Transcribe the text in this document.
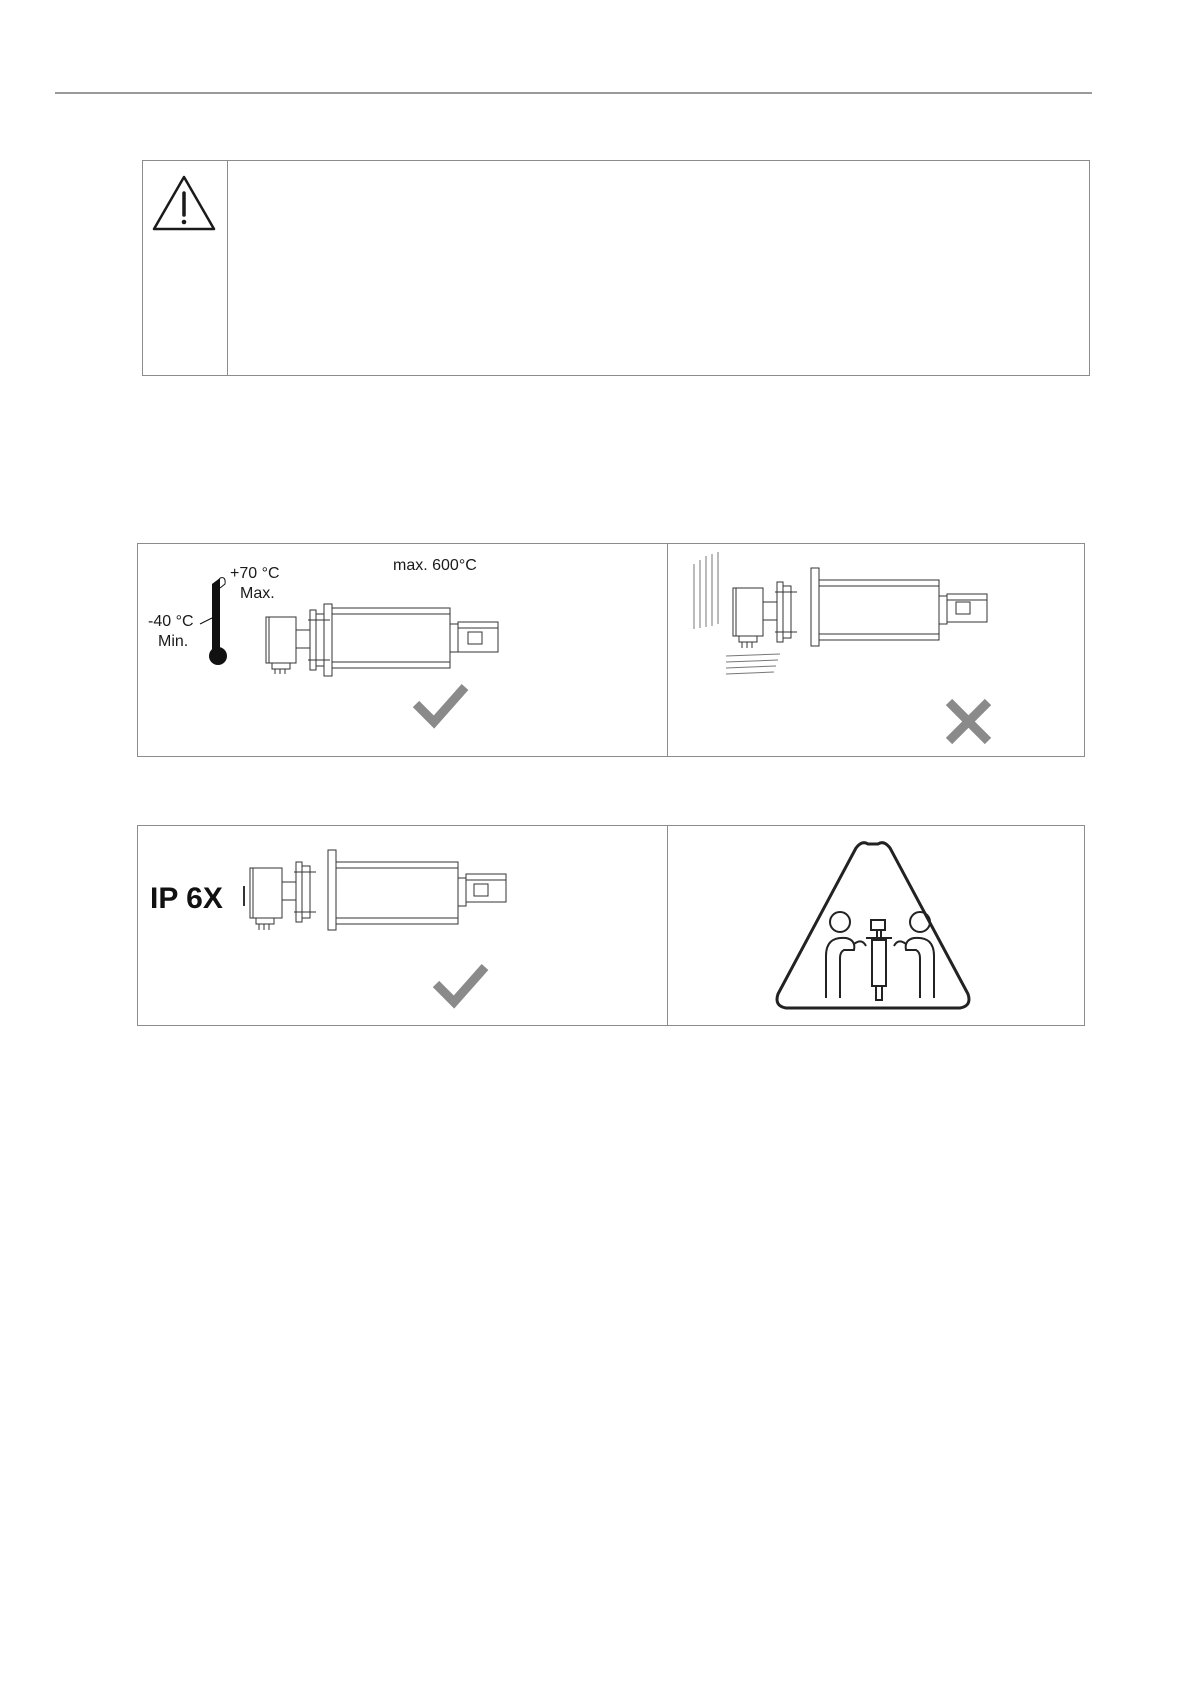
+70 °C
Max.
-40 °C
Min.
max. 600°C
IP 6X
